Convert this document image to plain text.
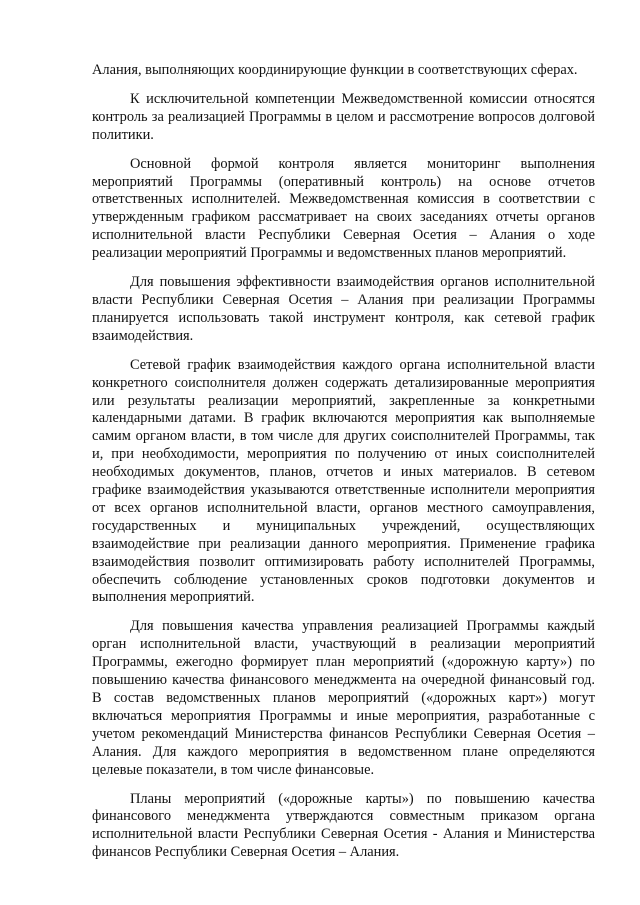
Алания, выполняющих координирующие функции в соответствующих сферах.

К исключительной компетенции Межведомственной комиссии относятся контроль за реализацией Программы в целом и рассмотрение вопросов долговой политики.

Основной формой контроля является мониторинг выполнения мероприятий Программы (оперативный контроль) на основе отчетов ответственных исполнителей. Межведомственная комиссия в соответствии с утвержденным графиком рассматривает на своих заседаниях отчеты органов исполнительной власти Республики Северная Осетия – Алания о ходе реализации мероприятий Программы и ведомственных планов мероприятий.

Для повышения эффективности взаимодействия органов исполнительной власти Республики Северная Осетия – Алания при реализации Программы планируется использовать такой инструмент контроля, как сетевой график взаимодействия.

Сетевой график взаимодействия каждого органа исполнительной власти конкретного соисполнителя должен содержать детализированные мероприятия или результаты реализации мероприятий, закрепленные за конкретными календарными датами. В график включаются мероприятия как выполняемые самим органом власти, в том числе для других соисполнителей Программы, так и, при необходимости, мероприятия по получению от иных соисполнителей необходимых документов, планов, отчетов и иных материалов. В сетевом графике взаимодействия указываются ответственные исполнители мероприятия от всех органов исполнительной власти, органов местного самоуправления, государственных и муниципальных учреждений, осуществляющих взаимодействие при реализации данного мероприятия. Применение графика взаимодействия позволит оптимизировать работу исполнителей Программы, обеспечить соблюдение установленных сроков подготовки документов и выполнения мероприятий.

Для повышения качества управления реализацией Программы каждый орган исполнительной власти, участвующий в реализации мероприятий Программы, ежегодно формирует план мероприятий («дорожную карту») по повышению качества финансового менеджмента на очередной финансовый год. В состав ведомственных планов мероприятий («дорожных карт») могут включаться мероприятия Программы и иные мероприятия, разработанные с учетом рекомендаций Министерства финансов Республики Северная Осетия – Алания. Для каждого мероприятия в ведомственном плане определяются целевые показатели, в том числе финансовые.

Планы мероприятий («дорожные карты») по повышению качества финансового менеджмента утверждаются совместным приказом органа исполнительной власти Республики Северная Осетия - Алания и Министерства финансов Республики Северная Осетия – Алания.
